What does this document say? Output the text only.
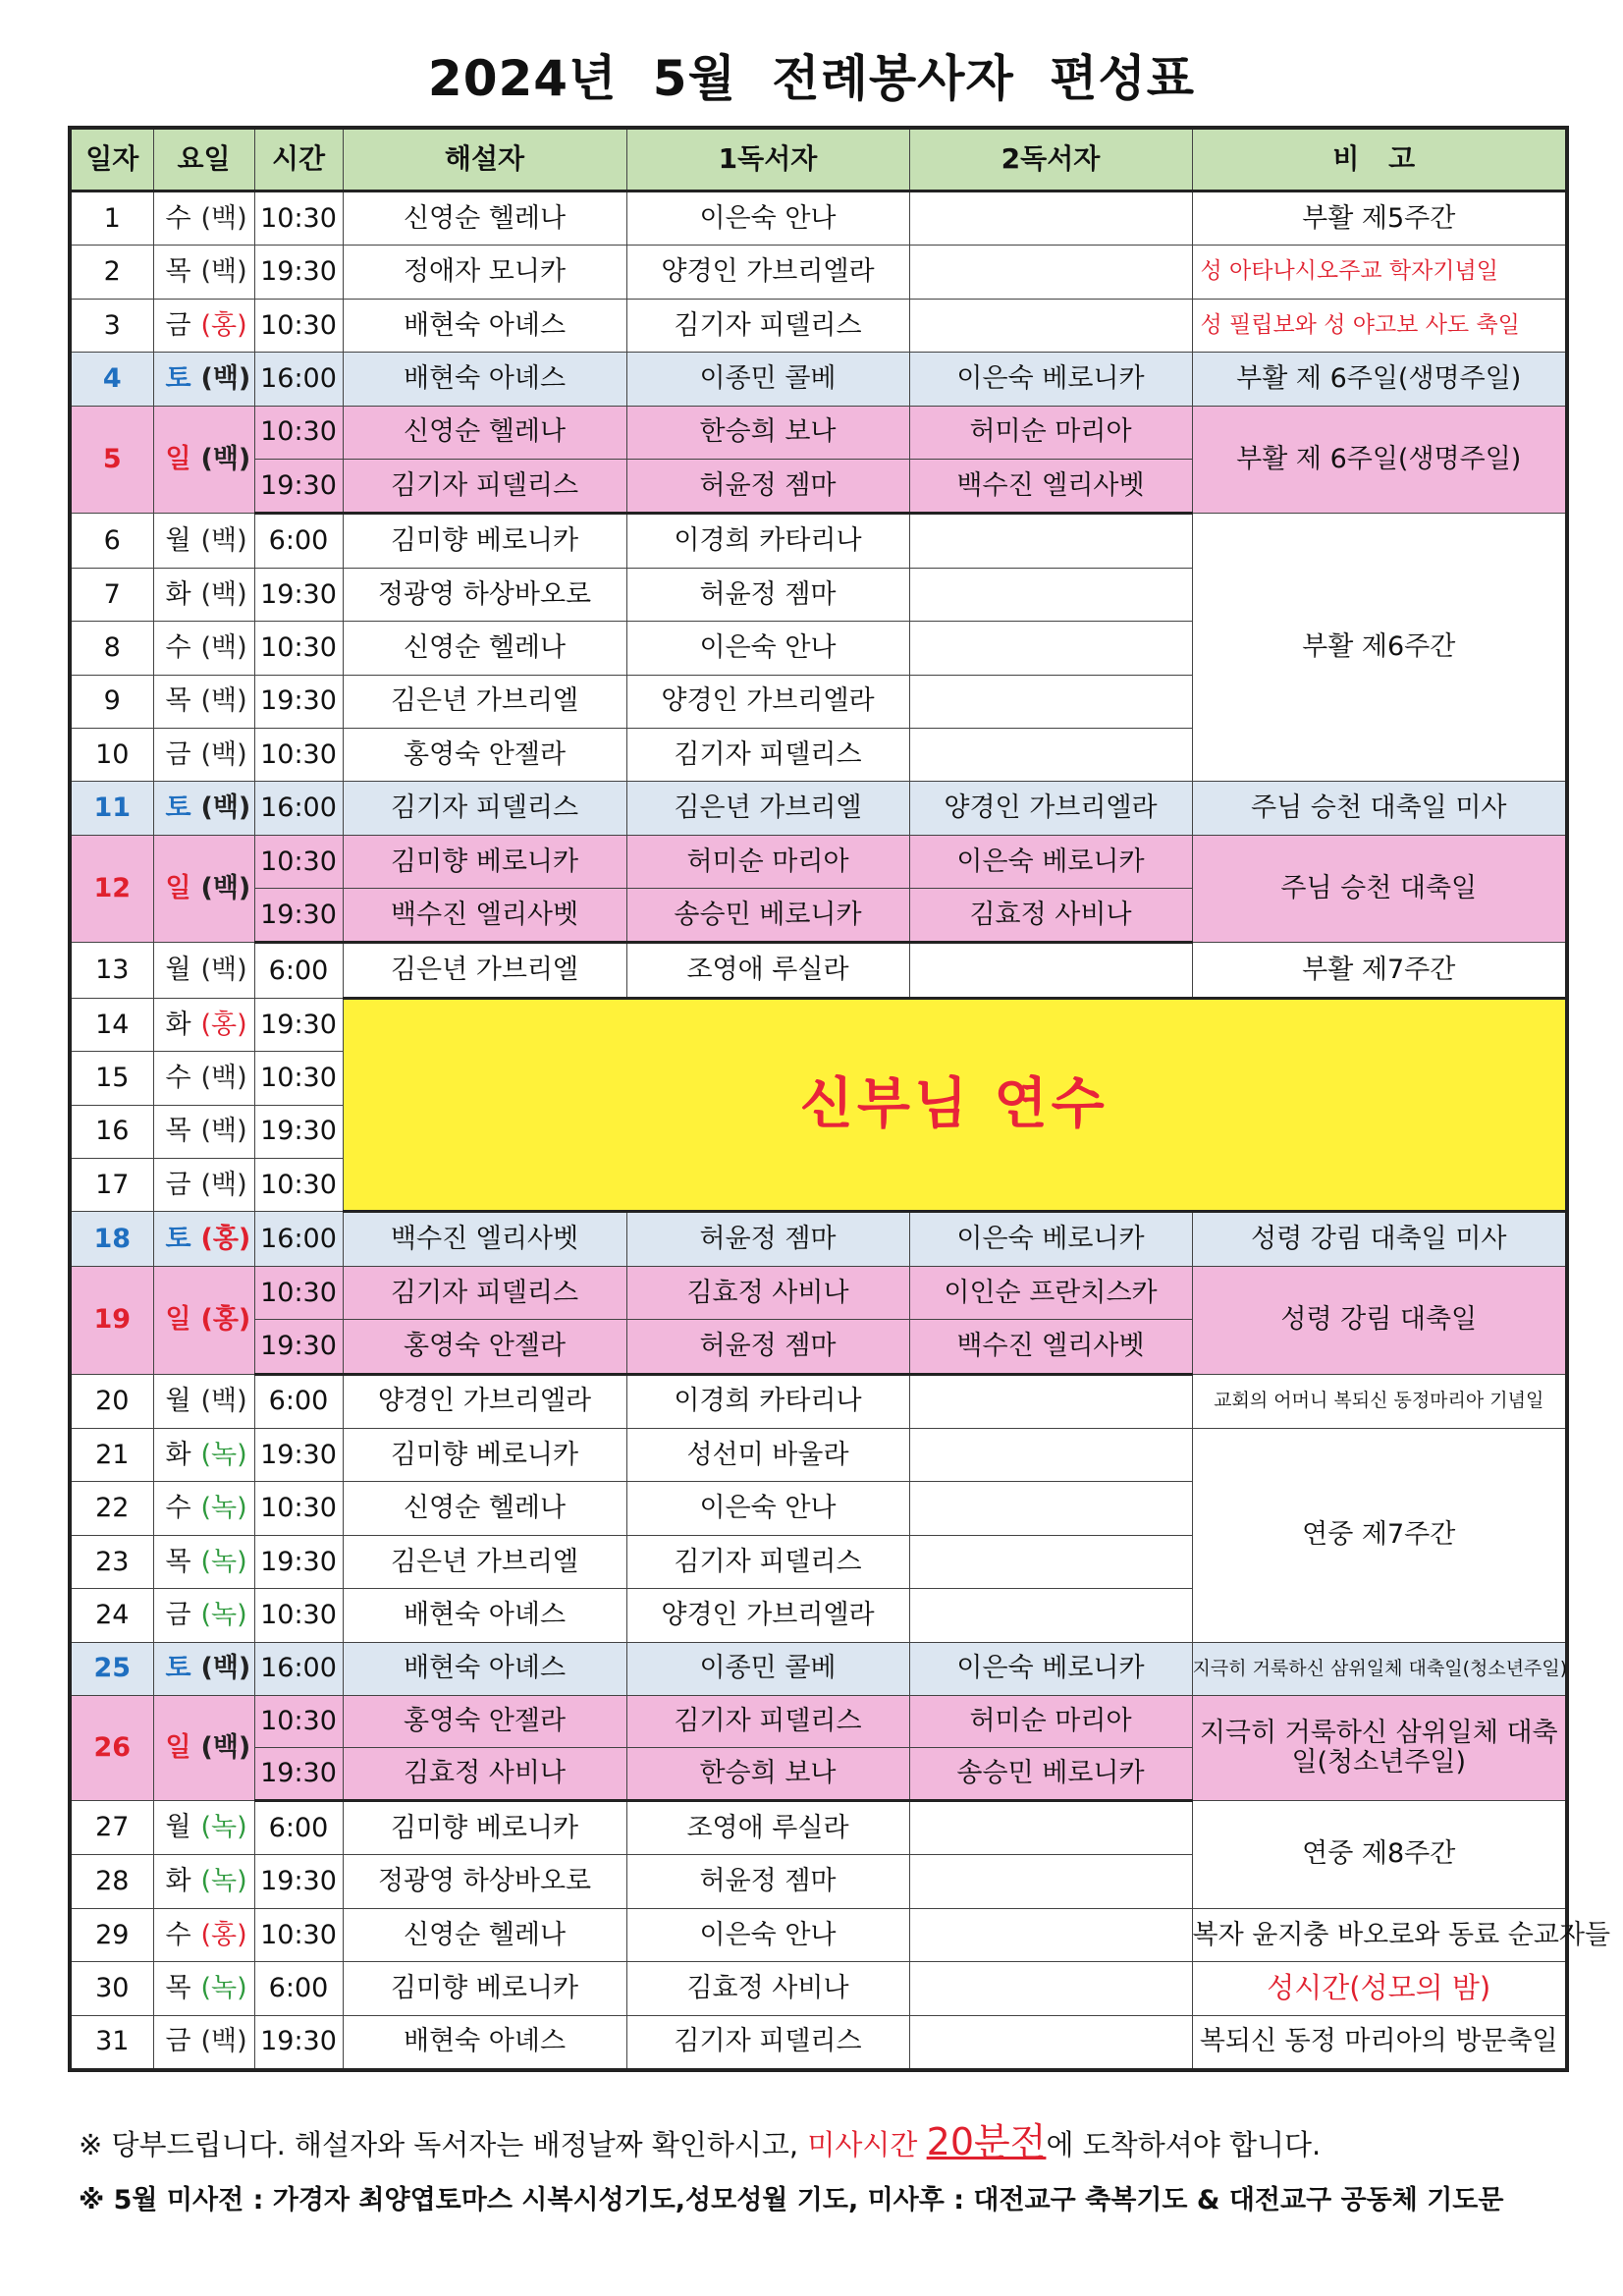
2024년 5월 전례봉사자 편성표
일자	요일	시간	해설자	1독서자	2독서자	비 고
1	수 (백)	10:30	신영순 헬레나	이은숙 안나		부활 제5주간
2	목 (백)	19:30	정애자 모니카	양경인 가브리엘라		성 아타나시오주교 학자기념일
3	금 (홍)	10:30	배현숙 아녜스	김기자 피델리스		성 필립보와 성 야고보 사도 축일
4	토 (백)	16:00	배현숙 아녜스	이종민 콜베	이은숙 베로니카	부활 제 6주일(생명주일)
5	일 (백)	10:30	신영순 헬레나	한승희 보나	허미순 마리아	부활 제 6주일(생명주일)
		19:30	김기자 피델리스	허윤정 젬마	백수진 엘리사벳	
6	월 (백)	6:00	김미향 베로니카	이경희 카타리나		부활 제6주간
7	화 (백)	19:30	정광영 하상바오로	허윤정 젬마		
8	수 (백)	10:30	신영순 헬레나	이은숙 안나		
9	목 (백)	19:30	김은년 가브리엘	양경인 가브리엘라		
10	금 (백)	10:30	홍영숙 안젤라	김기자 피델리스		
11	토 (백)	16:00	김기자 피델리스	김은년 가브리엘	양경인 가브리엘라	주님 승천 대축일 미사
12	일 (백)	10:30	김미향 베로니카	허미순 마리아	이은숙 베로니카	주님 승천 대축일
		19:30	백수진 엘리사벳	송승민 베로니카	김효정 사비나	
13	월 (백)	6:00	김은년 가브리엘	조영애 루실라		부활 제7주간
14	화 (홍)	19:30	신부님 연수			
15	수 (백)	10:30				
16	목 (백)	19:30				
17	금 (백)	10:30				
18	토 (홍)	16:00	백수진 엘리사벳	허윤정 젬마	이은숙 베로니카	성령 강림 대축일 미사
19	일 (홍)	10:30	김기자 피델리스	김효정 사비나	이인순 프란치스카	성령 강림 대축일
		19:30	홍영숙 안젤라	허윤정 젬마	백수진 엘리사벳	
20	월 (백)	6:00	양경인 가브리엘라	이경희 카타리나		교회의 어머니 복되신 동정마리아 기념일
21	화 (녹)	19:30	김미향 베로니카	성선미 바울라		연중 제7주간
22	수 (녹)	10:30	신영순 헬레나	이은숙 안나		
23	목 (녹)	19:30	김은년 가브리엘	김기자 피델리스		
24	금 (녹)	10:30	배현숙 아녜스	양경인 가브리엘라		
25	토 (백)	16:00	배현숙 아녜스	이종민 콜베	이은숙 베로니카	지극히 거룩하신 삼위일체 대축일(청소년주일)
26	일 (백)	10:30	홍영숙 안젤라	김기자 피델리스	허미순 마리아	지극히 거룩하신 삼위일체 대축일(청소년주일)
		19:30	김효정 사비나	한승희 보나	송승민 베로니카	
27	월 (녹)	6:00	김미향 베로니카	조영애 루실라		연중 제8주간
28	화 (녹)	19:30	정광영 하상바오로	허윤정 젬마		
29	수 (홍)	10:30	신영순 헬레나	이은숙 안나		복자 윤지충 바오로와 동료 순교자들
30	목 (녹)	6:00	김미향 베로니카	김효정 사비나		성시간(성모의 밤)
31	금 (백)	19:30	배현숙 아녜스	김기자 피델리스		복되신 동정 마리아의 방문축일
※ 당부드립니다. 해설자와 독서자는 배정날짜 확인하시고, 미사시간 20분전에 도착하셔야 합니다.
※ 5월 미사전 : 가경자 최양엽토마스 시복시성기도,성모성월 기도, 미사후 : 대전교구 축복기도 & 대전교구 공동체 기도문
